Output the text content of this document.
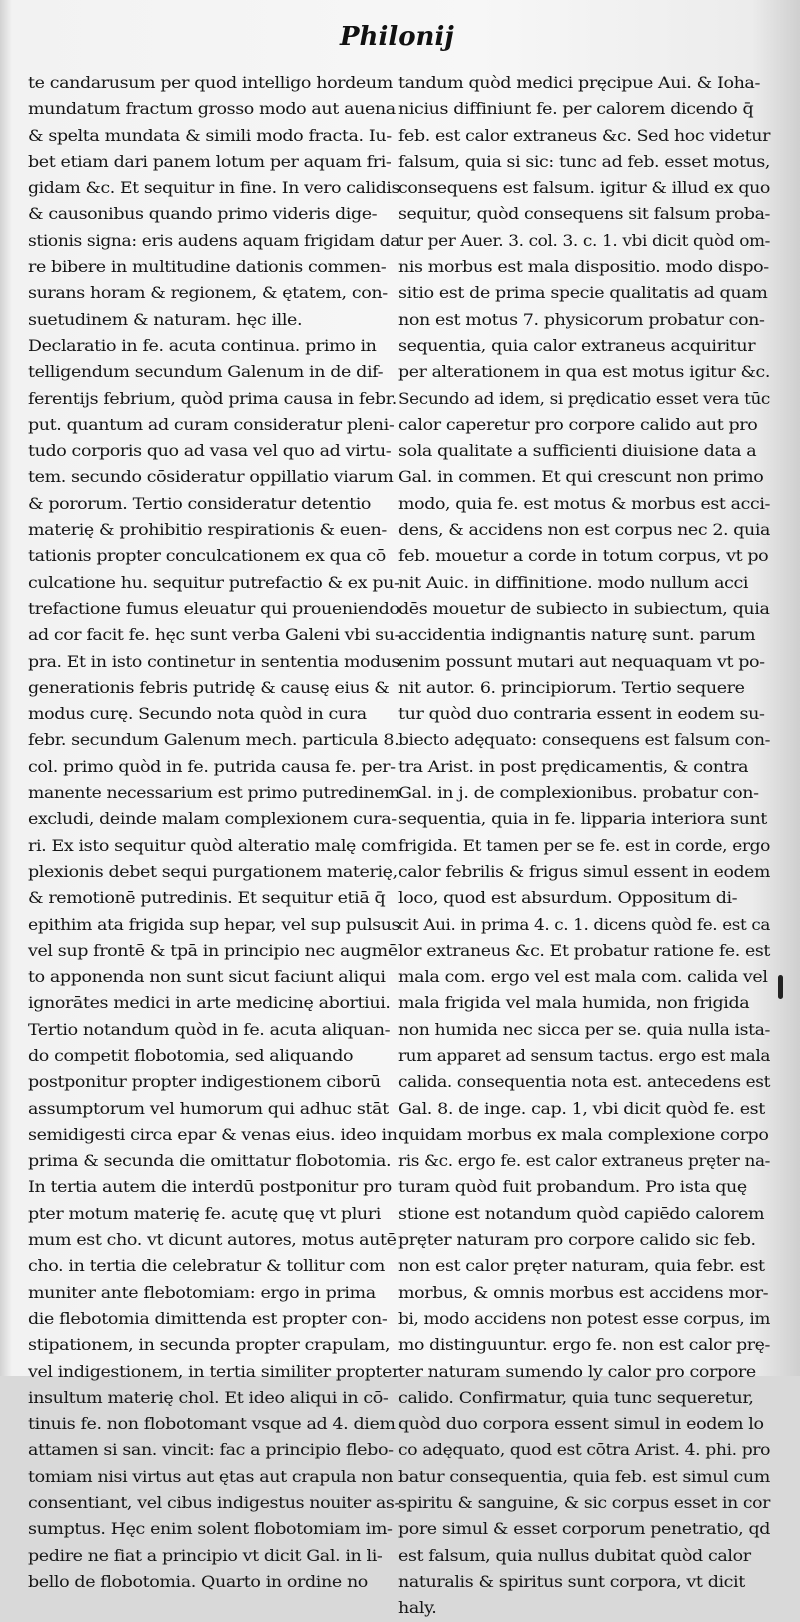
Philonij
te candarusum per quod intelligo hordeum
mundatum fractum grosso modo aut auena
& spelta mundata & simili modo fracta. Iu-
bet etiam dari panem lotum per aquam fri-
gidam &c. Et sequitur in fine. In vero calidis
& causonibus quando primo videris dige-
stionis signa: eris audens aquam frigidam da
re bibere in multitudine dationis commen-
surans horam & regionem, & ętatem, con-
suetudinem & naturam. hęc ille.
Declaratio in fe. acuta continua. primo in
telligendum secundum Galenum in de dif-
ferentijs febrium, quòd prima causa in febr.
put. quantum ad curam consideratur pleni-
tudo corporis quo ad vasa vel quo ad virtu-
tem. secundo cōsideratur oppillatio viarum
& pororum. Tertio consideratur detentio
materię & prohibitio respirationis & euen-
tationis propter conculcationem ex qua cō
culcatione hu. sequitur putrefactio & ex pu-
trefactione fumus eleuatur qui proueniendo
ad cor facit fe. hęc sunt verba Galeni vbi su-
pra. Et in isto continetur in sententia modus
generationis febris putridę & causę eius &
modus curę. Secundo nota quòd in cura
febr. secundum Galenum mech. particula 8.
col. primo quòd in fe. putrida causa fe. per-
manente necessarium est primo putredinem
excludi, deinde malam complexionem cura-
ri. Ex isto sequitur quòd alteratio malę com
plexionis debet sequi purgationem materię,
& remotionē putredinis. Et sequitur etiā q̄
epithim ata frigida sup hepar, vel sup pulsus
vel sup frontē & tpā in principio nec augmē
to apponenda non sunt sicut faciunt aliqui
ignorātes medici in arte medicinę abortiui.
Tertio notandum quòd in fe. acuta aliquan-
do competit flobotomia, sed aliquando
postponitur propter indigestionem ciborū
assumptorum vel humorum qui adhuc stāt
semidigesti circa epar & venas eius. ideo in
prima & secunda die omittatur flobotomia.
In tertia autem die interdū postponitur pro
pter motum materię fe. acutę quę vt pluri
mum est cho. vt dicunt autores, motus autē
cho. in tertia die celebratur & tollitur com
muniter ante flebotomiam: ergo in prima
die flebotomia dimittenda est propter con-
stipationem, in secunda propter crapulam,
vel indigestionem, in tertia similiter propter
insultum materię chol. Et ideo aliqui in cō-
tinuis fe. non flobotomant vsque ad 4. diem
attamen si san. vincit: fac a principio flebo-
tomiam nisi virtus aut ętas aut crapula non
consentiant, vel cibus indigestus nouiter as-
sumptus. Hęc enim solent flobotomiam im-
pedire ne fiat a principio vt dicit Gal. in li-
bello de flobotomia. Quarto in ordine no
tandum quòd medici pręcipue Aui. & Ioha-
nicius diffiniunt fe. per calorem dicendo q̄
feb. est calor extraneus &c. Sed hoc videtur
falsum, quia si sic: tunc ad feb. esset motus,
consequens est falsum. igitur & illud ex quo
sequitur, quòd consequens sit falsum proba-
tur per Auer. 3. col. 3. c. 1. vbi dicit quòd om-
nis morbus est mala dispositio. modo dispo-
sitio est de prima specie qualitatis ad quam
non est motus 7. physicorum probatur con-
sequentia, quia calor extraneus acquiritur
per alterationem in qua est motus igitur &c.
Secundo ad idem, si prędicatio esset vera tūc
calor caperetur pro corpore calido aut pro
sola qualitate a sufficienti diuisione data a
Gal. in commen. Et qui crescunt non primo
modo, quia fe. est motus & morbus est acci-
dens, & accidens non est corpus nec 2. quia
feb. mouetur a corde in totum corpus, vt po
nit Auic. in diffinitione. modo nullum acci
dēs mouetur de subiecto in subiectum, quia
accidentia indignantis naturę sunt. parum
enim possunt mutari aut nequaquam vt po-
nit autor. 6. principiorum. Tertio sequere
tur quòd duo contraria essent in eodem su-
biecto adęquato: consequens est falsum con-
tra Arist. in post prędicamentis, & contra
Gal. in j. de complexionibus. probatur con-
sequentia, quia in fe. lipparia interiora sunt
frigida. Et tamen per se fe. est in corde, ergo
calor febrilis & frigus simul essent in eodem
loco, quod est absurdum. Oppositum di-
cit Aui. in prima 4. c. 1. dicens quòd fe. est ca
lor extraneus &c. Et probatur ratione fe. est
mala com. ergo vel est mala com. calida vel
mala frigida vel mala humida, non frigida
non humida nec sicca per se. quia nulla ista-
rum apparet ad sensum tactus. ergo est mala
calida. consequentia nota est. antecedens est
Gal. 8. de inge. cap. 1, vbi dicit quòd fe. est
quidam morbus ex mala complexione corpo
ris &c. ergo fe. est calor extraneus pręter na-
turam quòd fuit probandum. Pro ista quę
stione est notandum quòd capiēdo calorem
pręter naturam pro corpore calido sic feb.
non est calor pręter naturam, quia febr. est
morbus, & omnis morbus est accidens mor-
bi, modo accidens non potest esse corpus, im
mo distinguuntur. ergo fe. non est calor prę-
ter naturam sumendo ly calor pro corpore
calido. Confirmatur, quia tunc sequeretur,
quòd duo corpora essent simul in eodem lo
co adęquato, quod est cōtra Arist. 4. phi. pro
batur consequentia, quia feb. est simul cum
spiritu & sanguine, & sic corpus esset in cor
pore simul & esset corporum penetratio, qd
est falsum, quia nullus dubitat quòd calor
naturalis & spiritus sunt corpora, vt dicit
haly.
